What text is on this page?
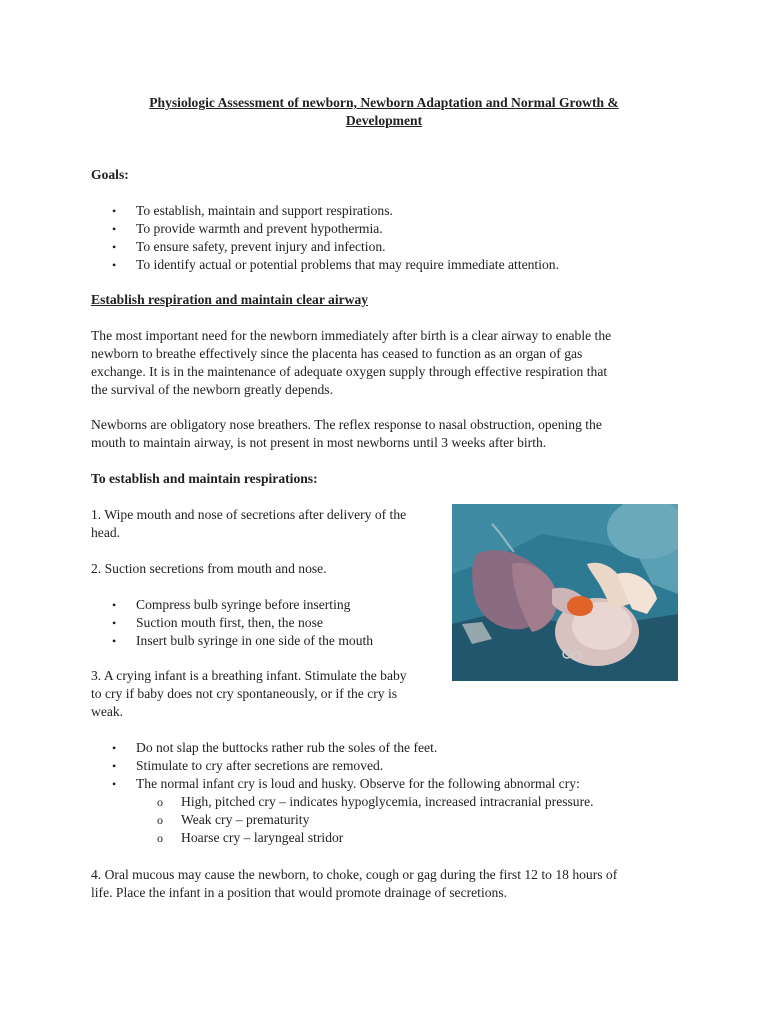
Physiologic Assessment of newborn, Newborn Adaptation and Normal Growth &
Development
Goals:
• To establish, maintain and support respirations.
• To provide warmth and prevent hypothermia.
• To ensure safety, prevent injury and infection.
• To identify actual or potential problems that may require immediate attention.
Establish respiration and maintain clear airway

The most important need for the newborn immediately after birth is a clear airway to enable the

newborn to breathe effectively since the placenta has ceased to function as an organ of gas

exchange. It is in the maintenance of adequate oxygen supply through effective respiration that

the survival of the newborn greatly depends.

Newborns are obligatory nose breathers. The reflex response to nasal obstruction, opening the

mouth to maintain airway, is not present in most newborns until 3 weeks after birth.

To establish and maintain respirations:

1. Wipe mouth and nose of secretions after delivery of the

head.

2. Suction secretions from mouth and nose.
• Compress bulb syringe before inserting
• Suction mouth first, then, the nose
• Insert bulb syringe in one side of the mouth

3. A crying infant is a breathing infant. Stimulate the baby

to cry if baby does not cry spontaneously, or if the cry is

weak.

• Do not slap the buttocks rather rub the soles of the feet.
• Stimulate to cry after secretions are removed.
• The normal infant cry is loud and husky. Observe for the following abnormal cry:
o High, pitched cry – indicates hypoglycemia, increased intracranial pressure.
o Weak cry – prematurity
o Hoarse cry – laryngeal stridor

4. Oral mucous may cause the newborn, to choke, cough or gag during the first 12 to 18 hours of

life. Place the infant in a position that would promote drainage of secretions.
